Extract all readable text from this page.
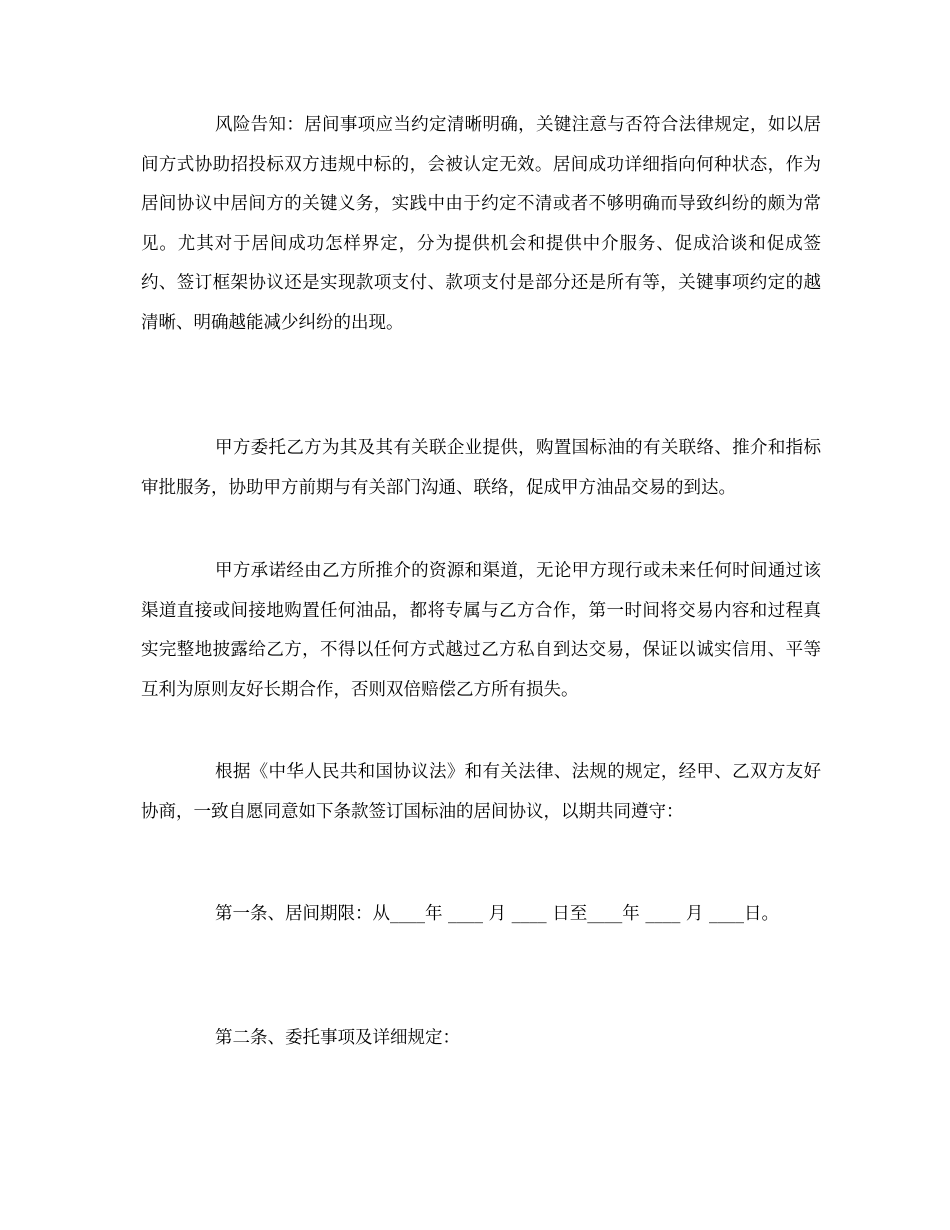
风险告知：居间事项应当约定清晰明确，关键注意与否符合法律规定，如以居间方式协助招投标双方违规中标的，会被认定无效。居间成功详细指向何种状态，作为居间协议中居间方的关键义务，实践中由于约定不清或者不够明确而导致纠纷的颇为常见。尤其对于居间成功怎样界定，分为提供机会和提供中介服务、促成洽谈和促成签约、签订框架协议还是实现款项支付、款项支付是部分还是所有等，关键事项约定的越清晰、明确越能减少纠纷的出现。

甲方委托乙方为其及其有关联企业提供，购置国标油的有关联络、推介和指标审批服务，协助甲方前期与有关部门沟通、联络，促成甲方油品交易的到达。

甲方承诺经由乙方所推介的资源和渠道，无论甲方现行或未来任何时间通过该渠道直接或间接地购置任何油品，都将专属与乙方合作，第一时间将交易内容和过程真实完整地披露给乙方，不得以任何方式越过乙方私自到达交易，保证以诚实信用、平等互利为原则友好长期合作，否则双倍赔偿乙方所有损失。

根据《中华人民共和国协议法》和有关法律、法规的规定，经甲、乙双方友好协商，一致自愿同意如下条款签订国标油的居间协议，以期共同遵守：

第一条、居间期限：从____年 ____ 月 ____ 日至____年 ____ 月 ____日。

第二条、委托事项及详细规定：
